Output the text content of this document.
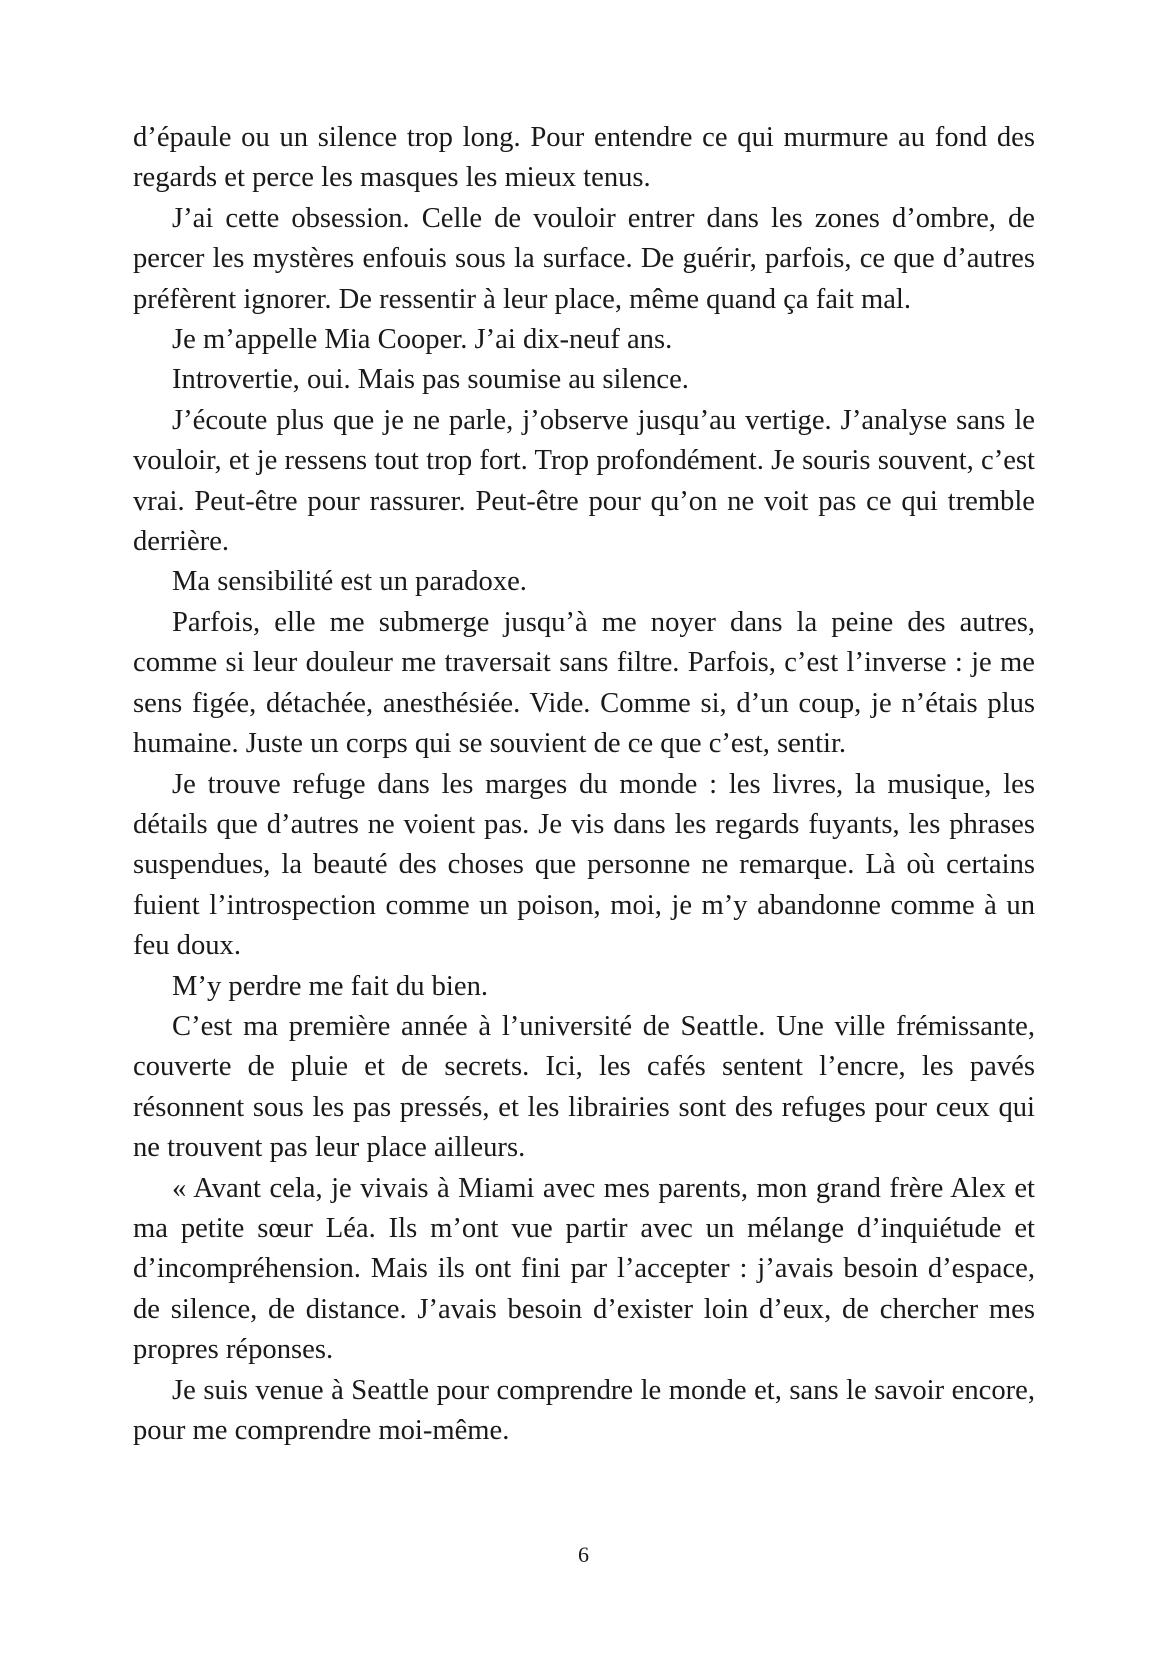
d’épaule ou un silence trop long. Pour entendre ce qui murmure au fond des regards et perce les masques les mieux tenus.

J’ai cette obsession. Celle de vouloir entrer dans les zones d’ombre, de percer les mystères enfouis sous la surface. De guérir, parfois, ce que d’autres préfèrent ignorer. De ressentir à leur place, même quand ça fait mal.

Je m’appelle Mia Cooper. J’ai dix-neuf ans.

Introvertie, oui. Mais pas soumise au silence.

J’écoute plus que je ne parle, j’observe jusqu’au vertige. J’analyse sans le vouloir, et je ressens tout trop fort. Trop profondément. Je souris souvent, c’est vrai. Peut-être pour rassurer. Peut-être pour qu’on ne voit pas ce qui tremble derrière.

Ma sensibilité est un paradoxe.

Parfois, elle me submerge jusqu’à me noyer dans la peine des autres, comme si leur douleur me traversait sans filtre. Parfois, c’est l’inverse : je me sens figée, détachée, anesthésiée. Vide. Comme si, d’un coup, je n’étais plus humaine. Juste un corps qui se souvient de ce que c’est, sentir.

Je trouve refuge dans les marges du monde : les livres, la musique, les détails que d’autres ne voient pas. Je vis dans les regards fuyants, les phrases suspendues, la beauté des choses que personne ne remarque. Là où certains fuient l’introspection comme un poison, moi, je m’y abandonne comme à un feu doux.

M’y perdre me fait du bien.

C’est ma première année à l’université de Seattle. Une ville frémissante, couverte de pluie et de secrets. Ici, les cafés sentent l’encre, les pavés résonnent sous les pas pressés, et les librairies sont des refuges pour ceux qui ne trouvent pas leur place ailleurs.

« Avant cela, je vivais à Miami avec mes parents, mon grand frère Alex et ma petite sœur Léa. Ils m’ont vue partir avec un mélange d’inquiétude et d’incompréhension. Mais ils ont fini par l’accepter : j’avais besoin d’espace, de silence, de distance. J’avais besoin d’exister loin d’eux, de chercher mes propres réponses.

Je suis venue à Seattle pour comprendre le monde et, sans le savoir encore, pour me comprendre moi-même.

6
